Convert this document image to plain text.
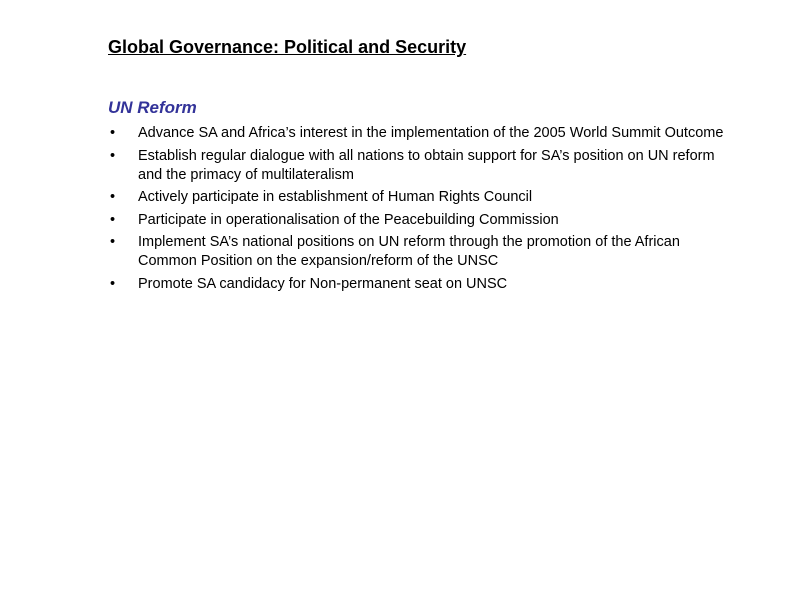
Global Governance: Political and Security
UN Reform
• Advance SA and Africa’s interest in the implementation of the 2005 World Summit Outcome
• Establish regular dialogue with all nations to obtain support for SA’s position on UN reform and the primacy of multilateralism
• Actively participate in establishment of Human Rights Council
• Participate in operationalisation of the Peacebuilding Commission
• Implement SA’s national positions on UN reform through the promotion of the African Common Position on the expansion/reform of the UNSC
• Promote SA candidacy for Non-permanent seat on UNSC
